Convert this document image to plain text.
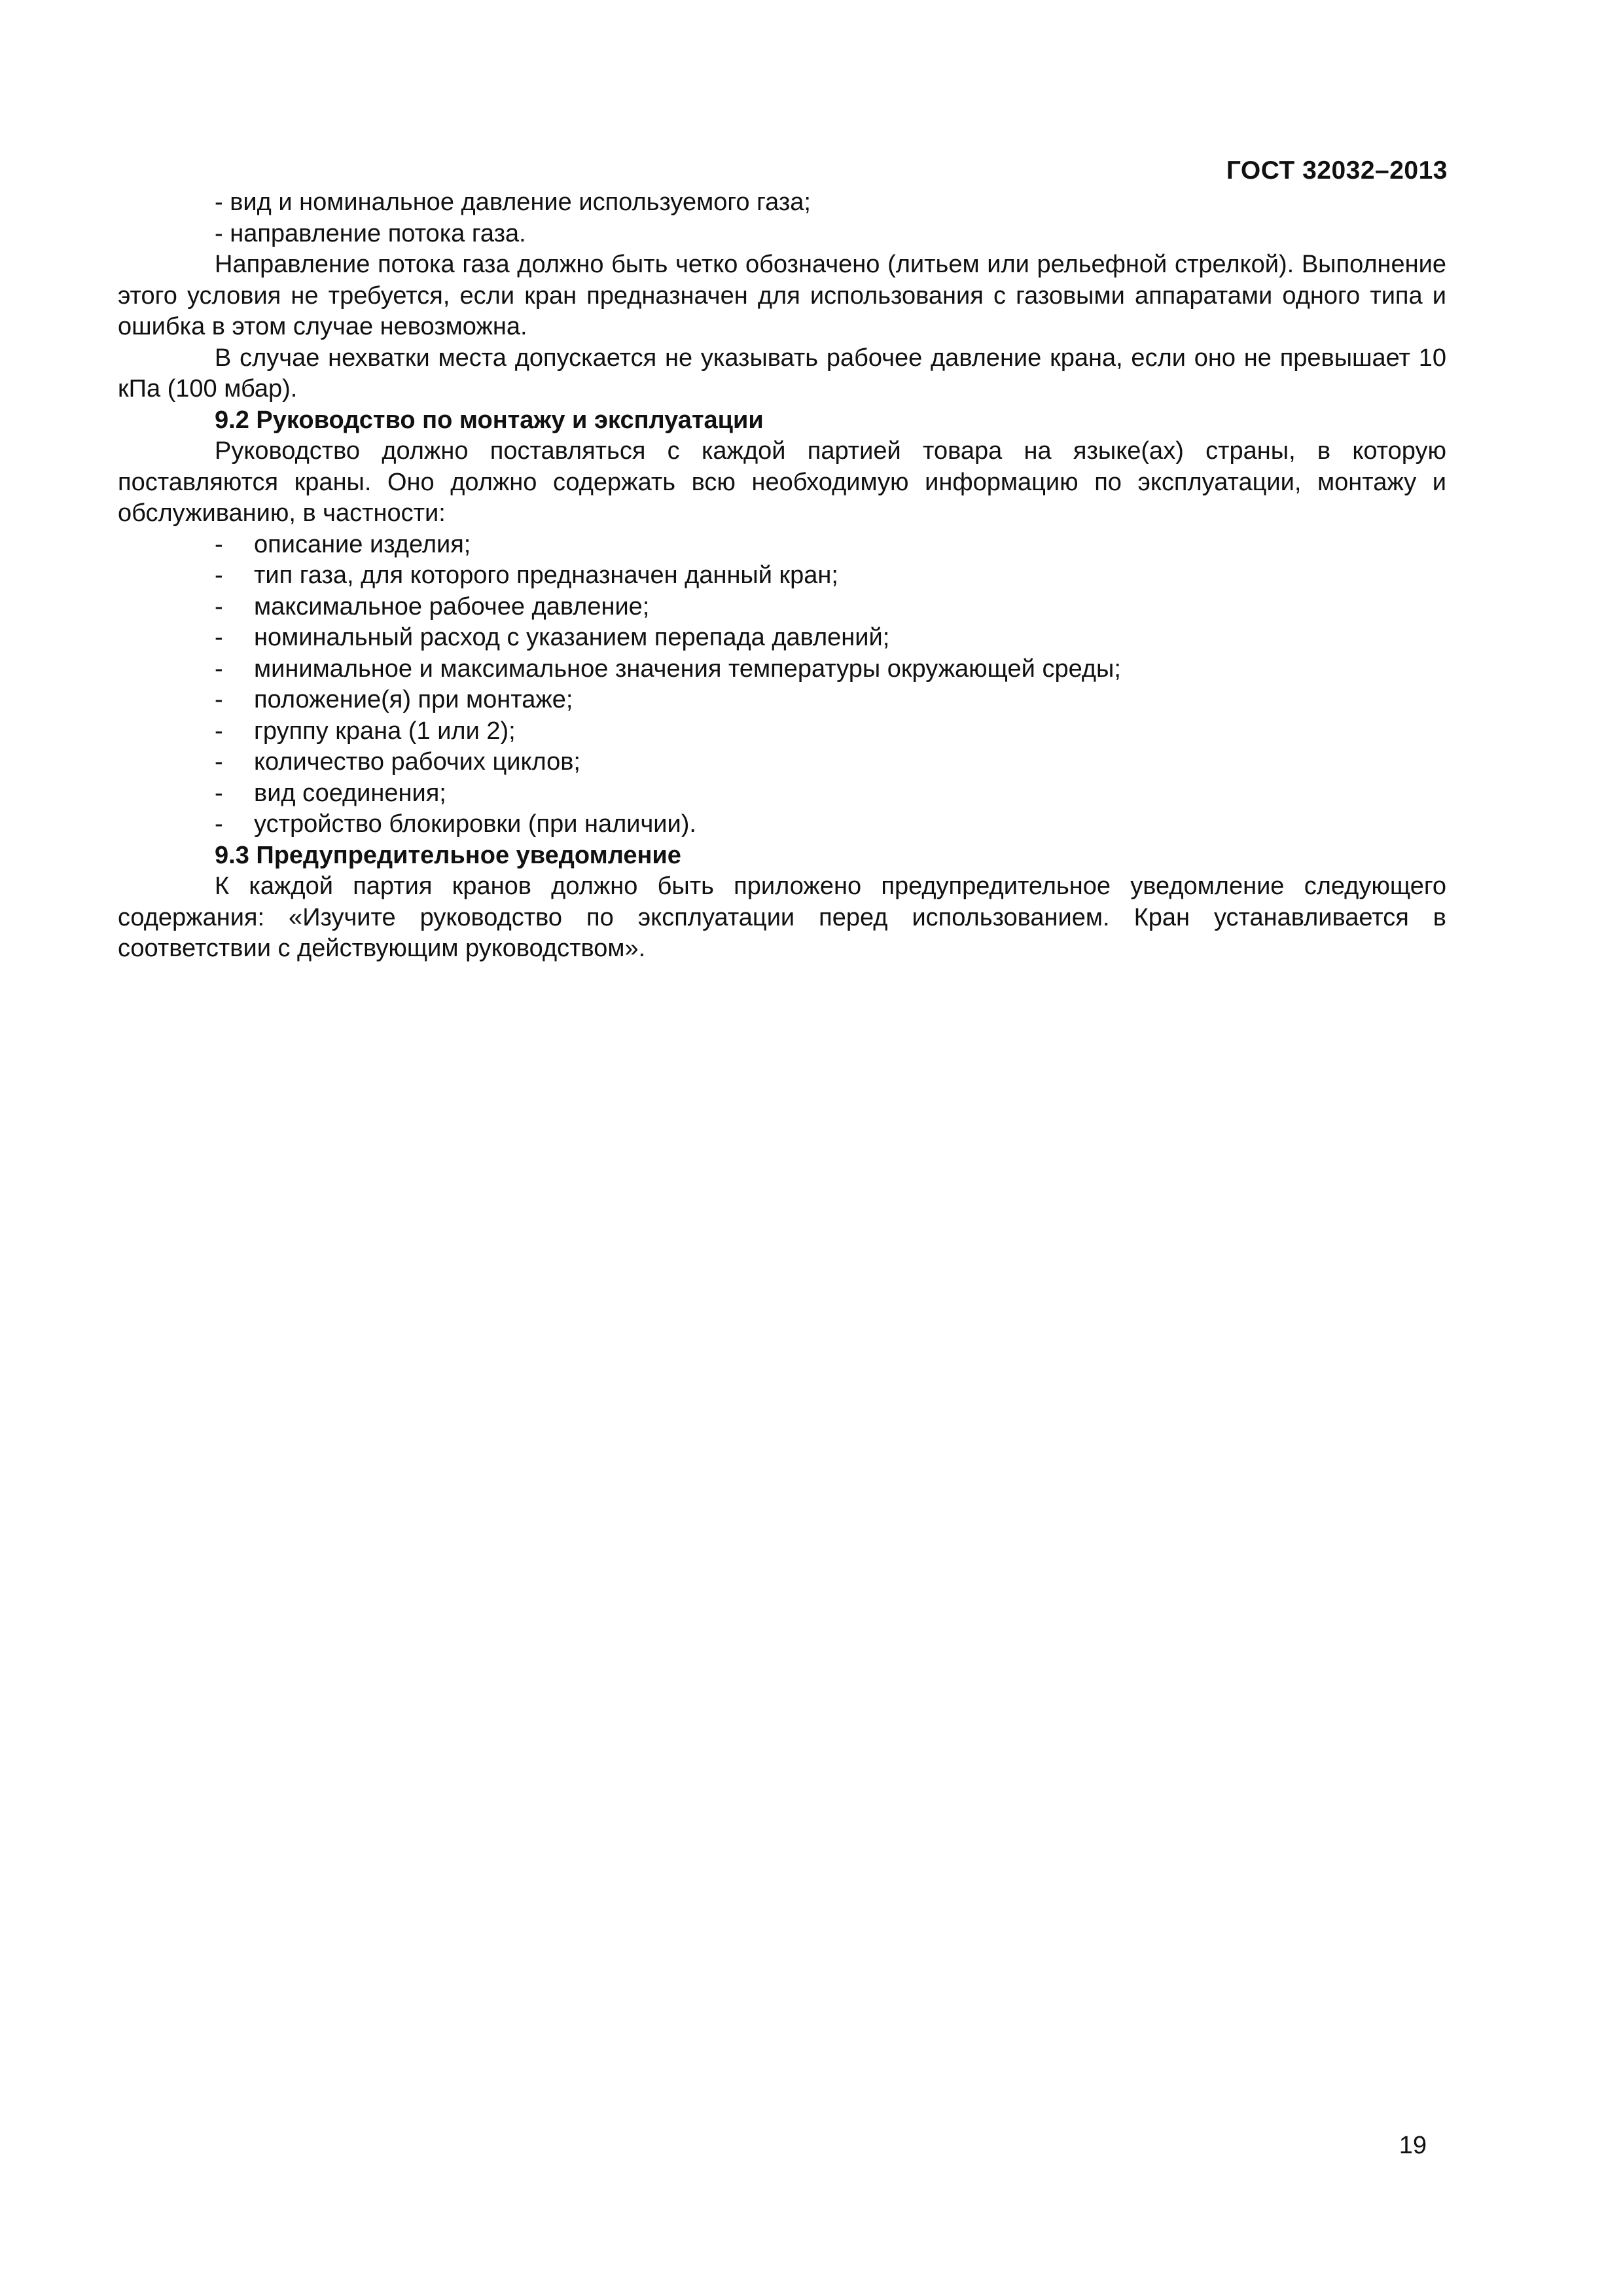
ГОСТ 32032–2013

- вид и номинальное давление используемого газа;

- направление потока газа.

Направление потока газа должно быть четко обозначено (литьем или рельефной стрелкой). Выполнение этого условия не требуется, если кран предназначен для использования с газовыми аппаратами одного типа и ошибка в этом случае невозможна.

В случае нехватки места допускается не указывать рабочее давление крана, если оно не превышает 10 кПа (100 мбар).

9.2 Руководство по монтажу и эксплуатации

Руководство должно поставляться с каждой партией товара на языке(ах) страны, в которую поставляются краны. Оно должно содержать всю необходимую информацию по эксплуатации, монтажу и обслуживанию, в частности:

- описание изделия;
- тип газа, для которого предназначен данный кран;
- максимальное рабочее давление;
- номинальный расход с указанием перепада давлений;
- минимальное и максимальное значения температуры окружающей среды;
- положение(я) при монтаже;
- группу крана (1 или 2);
- количество рабочих циклов;
- вид соединения;
- устройство блокировки (при наличии).

9.3 Предупредительное уведомление

К каждой партия кранов должно быть приложено предупредительное уведомление следующего содержания: «Изучите руководство по эксплуатации перед использованием. Кран устанавливается в соответствии с действующим руководством».

19
